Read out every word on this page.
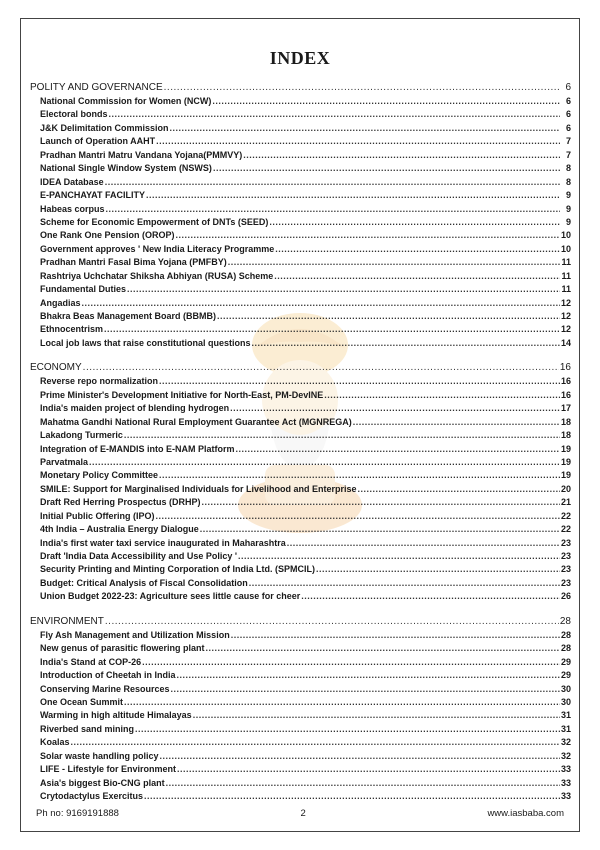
INDEX
POLITY AND GOVERNANCE .....	6
National Commission for Women (NCW) .....	6
Electoral bonds .....	6
J&K Delimitation Commission .....	6
Launch of Operation AAHT .....	7
Pradhan Mantri Matru Vandana Yojana(PMMVY) .....	7
National Single Window System (NSWS) .....	8
IDEA Database .....	8
E-PANCHAYAT FACILITY .....	9
Habeas corpus .....	9
Scheme for Economic Empowerment of DNTs (SEED) .....	9
One Rank One Pension (OROP) .....	10
Government approves ' New India Literacy Programme .....	10
Pradhan Mantri Fasal Bima Yojana (PMFBY) .....	11
Rashtriya Uchchatar Shiksha Abhiyan (RUSA) Scheme .....	11
Fundamental Duties .....	11
Angadias .....	12
Bhakra Beas Management Board (BBMB) .....	12
Ethnocentrism .....	12
Local job laws that raise constitutional questions .....	14
ECONOMY .....	16
Reverse repo normalization .....	16
Prime Minister's Development Initiative for North-East, PM-DevINE .....	16
India's maiden project of blending hydrogen .....	17
Mahatma Gandhi National Rural Employment Guarantee Act (MGNREGA) .....	18
Lakadong Turmeric .....	18
Integration of E-MANDIS into E-NAM Platform .....	19
Parvatmala .....	19
Monetary Policy Committee .....	19
SMILE: Support for Marginalised Individuals for Livelihood and Enterprise .....	20
Draft Red Herring Prospectus (DRHP) .....	21
Initial Public Offering (IPO) .....	22
4th India – Australia Energy Dialogue .....	22
India's first water taxi service inaugurated in Maharashtra .....	23
Draft 'India Data Accessibility and Use Policy ' .....	23
Security Printing and Minting Corporation of India Ltd. (SPMCIL) .....	23
Budget: Critical Analysis of Fiscal Consolidation .....	23
Union Budget 2022-23: Agriculture sees little cause for cheer .....	26
ENVIRONMENT .....	28
Fly Ash Management and Utilization Mission .....	28
New genus of parasitic flowering plant .....	28
India's Stand at COP-26 .....	29
Introduction of Cheetah in India .....	29
Conserving Marine Resources .....	30
One Ocean Summit .....	30
Warming in high altitude Himalayas .....	31
Riverbed sand mining .....	31
Koalas .....	32
Solar waste handling policy .....	32
LIFE - Lifestyle for Environment .....	33
Asia's biggest Bio-CNG plant .....	33
Crytodactylus Exercitus .....	33
Ph no: 9169191888	2	www.iasbaba.com
